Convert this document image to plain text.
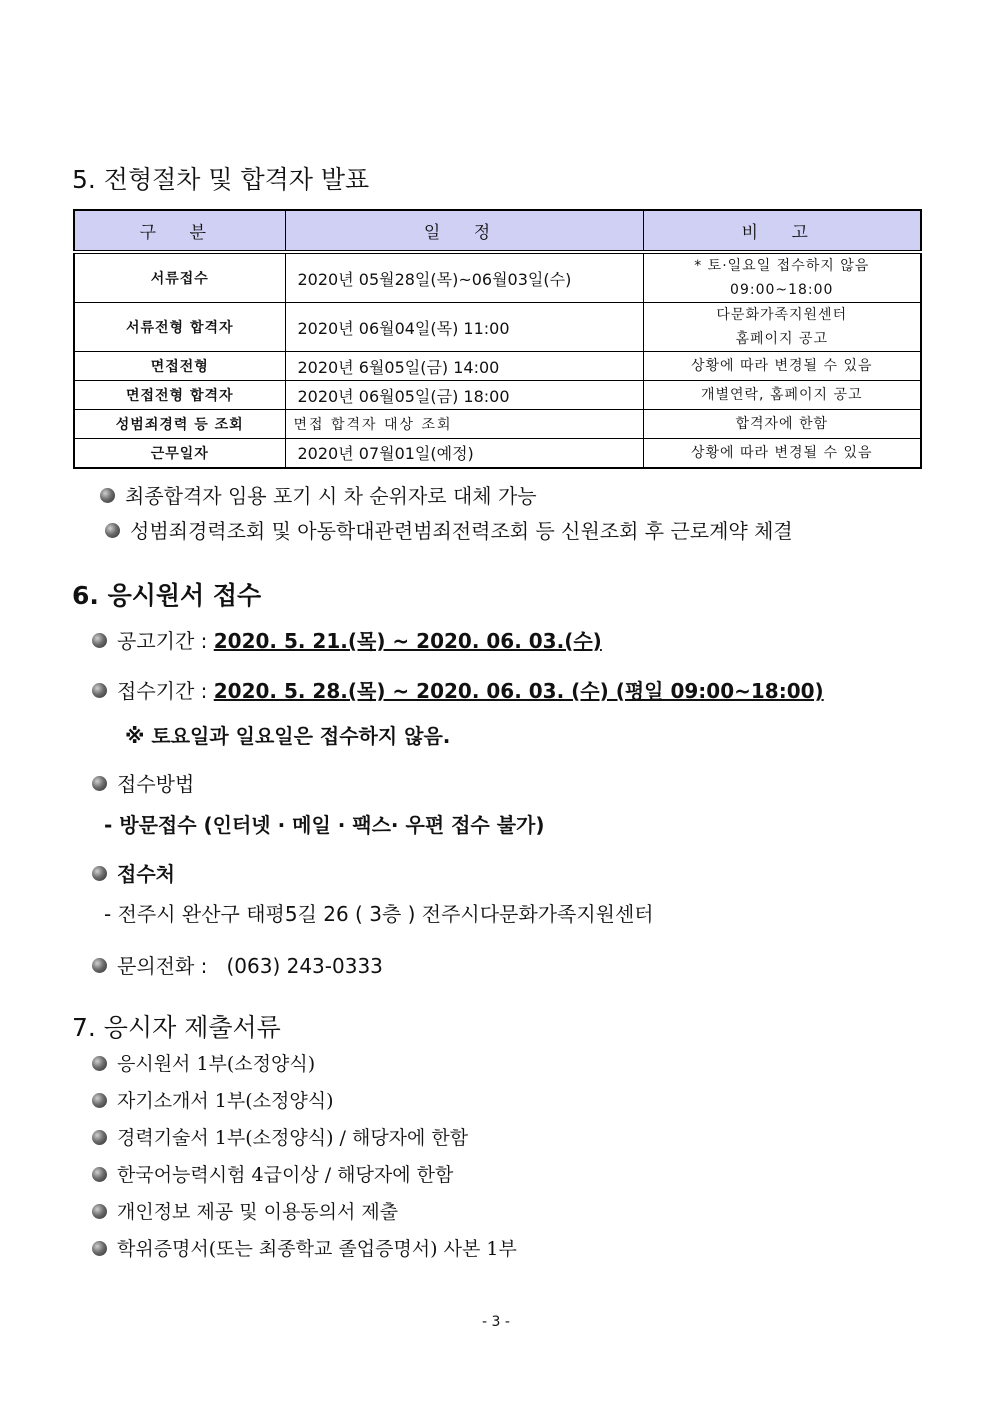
5. 전형절차 및 합격자 발표
구 분	일 정	비 고
서류접수	2020년 05월28일(목)~06월03일(수)	* 토·일요일 접수하지 않음
09:00~18:00

서류전형 합격자	2020년 06월04일(목) 11:00	다문화가족지원센터
홈페이지 공고

면접전형	2020년 6월05일(금) 14:00	상황에 따라 변경될 수 있음
면접전형 합격자	2020년 06월05일(금) 18:00	개별연락, 홈페이지 공고
성범죄경력 등 조회	면접 합격자 대상 조회	합격자에 한함
근무일자	2020년 07월01일(예정)	상황에 따라 변경될 수 있음
최종합격자 임용 포기 시 차 순위자로 대체 가능
성범죄경력조회 및 아동학대관련범죄전력조회 등 신원조회 후 근로계약 체결
6. 응시원서 접수
공고기간 : 2020. 5. 21.(목) ~ 2020. 06. 03.(수)
접수기간 : 2020. 5. 28.(목) ~ 2020. 06. 03. (수) (평일 09:00~18:00)
※ 토요일과 일요일은 접수하지 않음.
접수방법
- 방문접수 (인터넷 · 메일 · 팩스· 우편 접수 불가)
접수처
- 전주시 완산구 태평5길 26 ( 3층 ) 전주시다문화가족지원센터
문의전화 : (063) 243-0333
7. 응시자 제출서류
응시원서 1부(소정양식)
자기소개서 1부(소정양식)
경력기술서 1부(소정양식) / 해당자에 한함
한국어능력시험 4급이상 / 해당자에 한함
개인정보 제공 및 이용동의서 제출
학위증명서(또는 최종학교 졸업증명서) 사본 1부
- 3 -
